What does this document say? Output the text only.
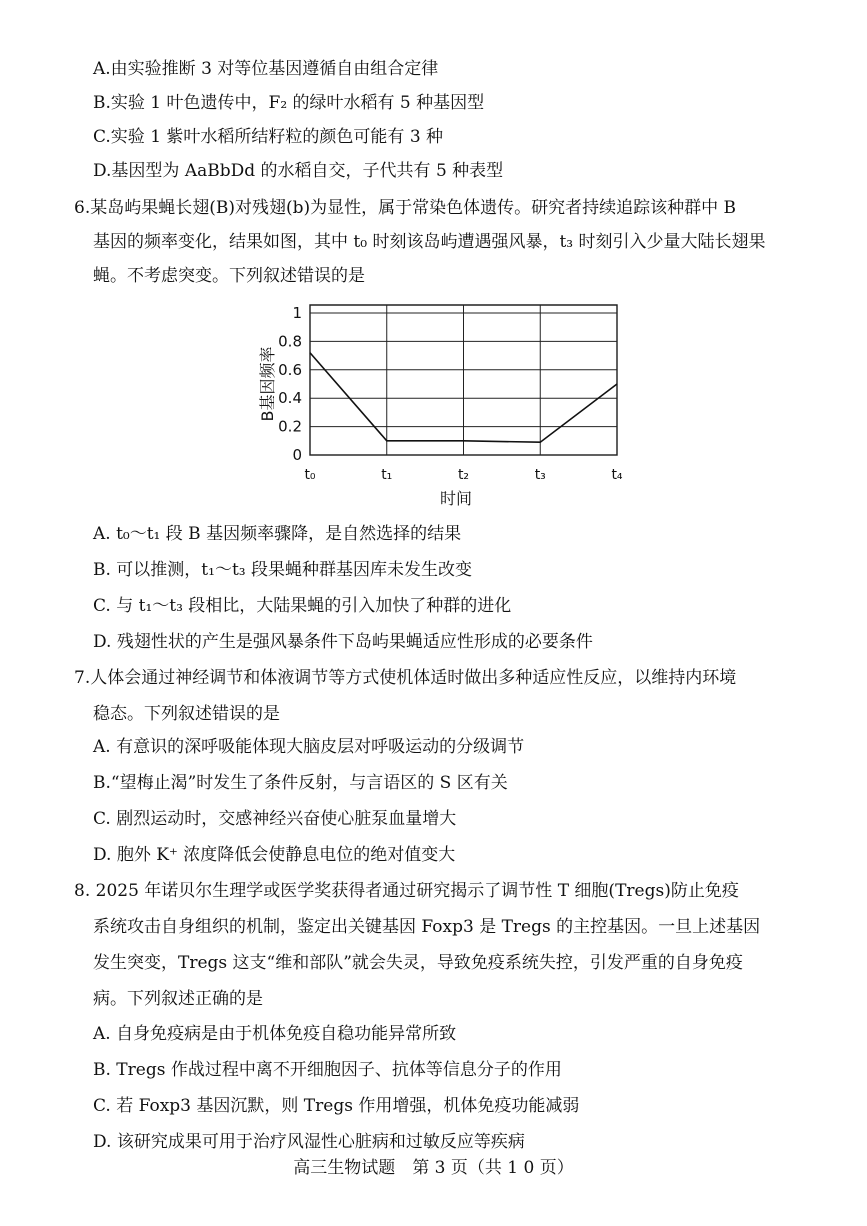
A.由实验推断 3 对等位基因遵循自由组合定律
B.实验 1 叶色遗传中，F₂ 的绿叶水稻有 5 种基因型
C.实验 1 紫叶水稻所结籽粒的颜色可能有 3 种
D.基因型为 AaBbDd 的水稻自交，子代共有 5 种表型
6.某岛屿果蝇长翅(B)对残翅(b)为显性，属于常染色体遗传。研究者持续追踪该种群中 B
基因的频率变化，结果如图，其中 t₀ 时刻该岛屿遭遇强风暴，t₃ 时刻引入少量大陆长翅果
蝇。不考虑突变。下列叙述错误的是
0
0.2
0.4
0.6
0.8
1
t₀	t₁	t₂	t₃	t₄
B基因频率
时间
A. t₀～t₁ 段 B 基因频率骤降，是自然选择的结果
B. 可以推测，t₁～t₃ 段果蝇种群基因库未发生改变
C. 与 t₁～t₃ 段相比，大陆果蝇的引入加快了种群的进化
D. 残翅性状的产生是强风暴条件下岛屿果蝇适应性形成的必要条件
7.人体会通过神经调节和体液调节等方式使机体适时做出多种适应性反应，以维持内环境
稳态。下列叙述错误的是
A. 有意识的深呼吸能体现大脑皮层对呼吸运动的分级调节
B.“望梅止渴”时发生了条件反射，与言语区的 S 区有关
C. 剧烈运动时，交感神经兴奋使心脏泵血量增大
D. 胞外 K⁺ 浓度降低会使静息电位的绝对值变大
8. 2025 年诺贝尔生理学或医学奖获得者通过研究揭示了调节性 T 细胞(Tregs)防止免疫
系统攻击自身组织的机制，鉴定出关键基因 Foxp3 是 Tregs 的主控基因。一旦上述基因
发生突变，Tregs 这支“维和部队”就会失灵，导致免疫系统失控，引发严重的自身免疫
病。下列叙述正确的是
A. 自身免疫病是由于机体免疫自稳功能异常所致
B. Tregs 作战过程中离不开细胞因子、抗体等信息分子的作用
C. 若 Foxp3 基因沉默，则 Tregs 作用增强，机体免疫功能减弱
D. 该研究成果可用于治疗风湿性心脏病和过敏反应等疾病
高三生物试题　第 3 页（共 1 0 页）
